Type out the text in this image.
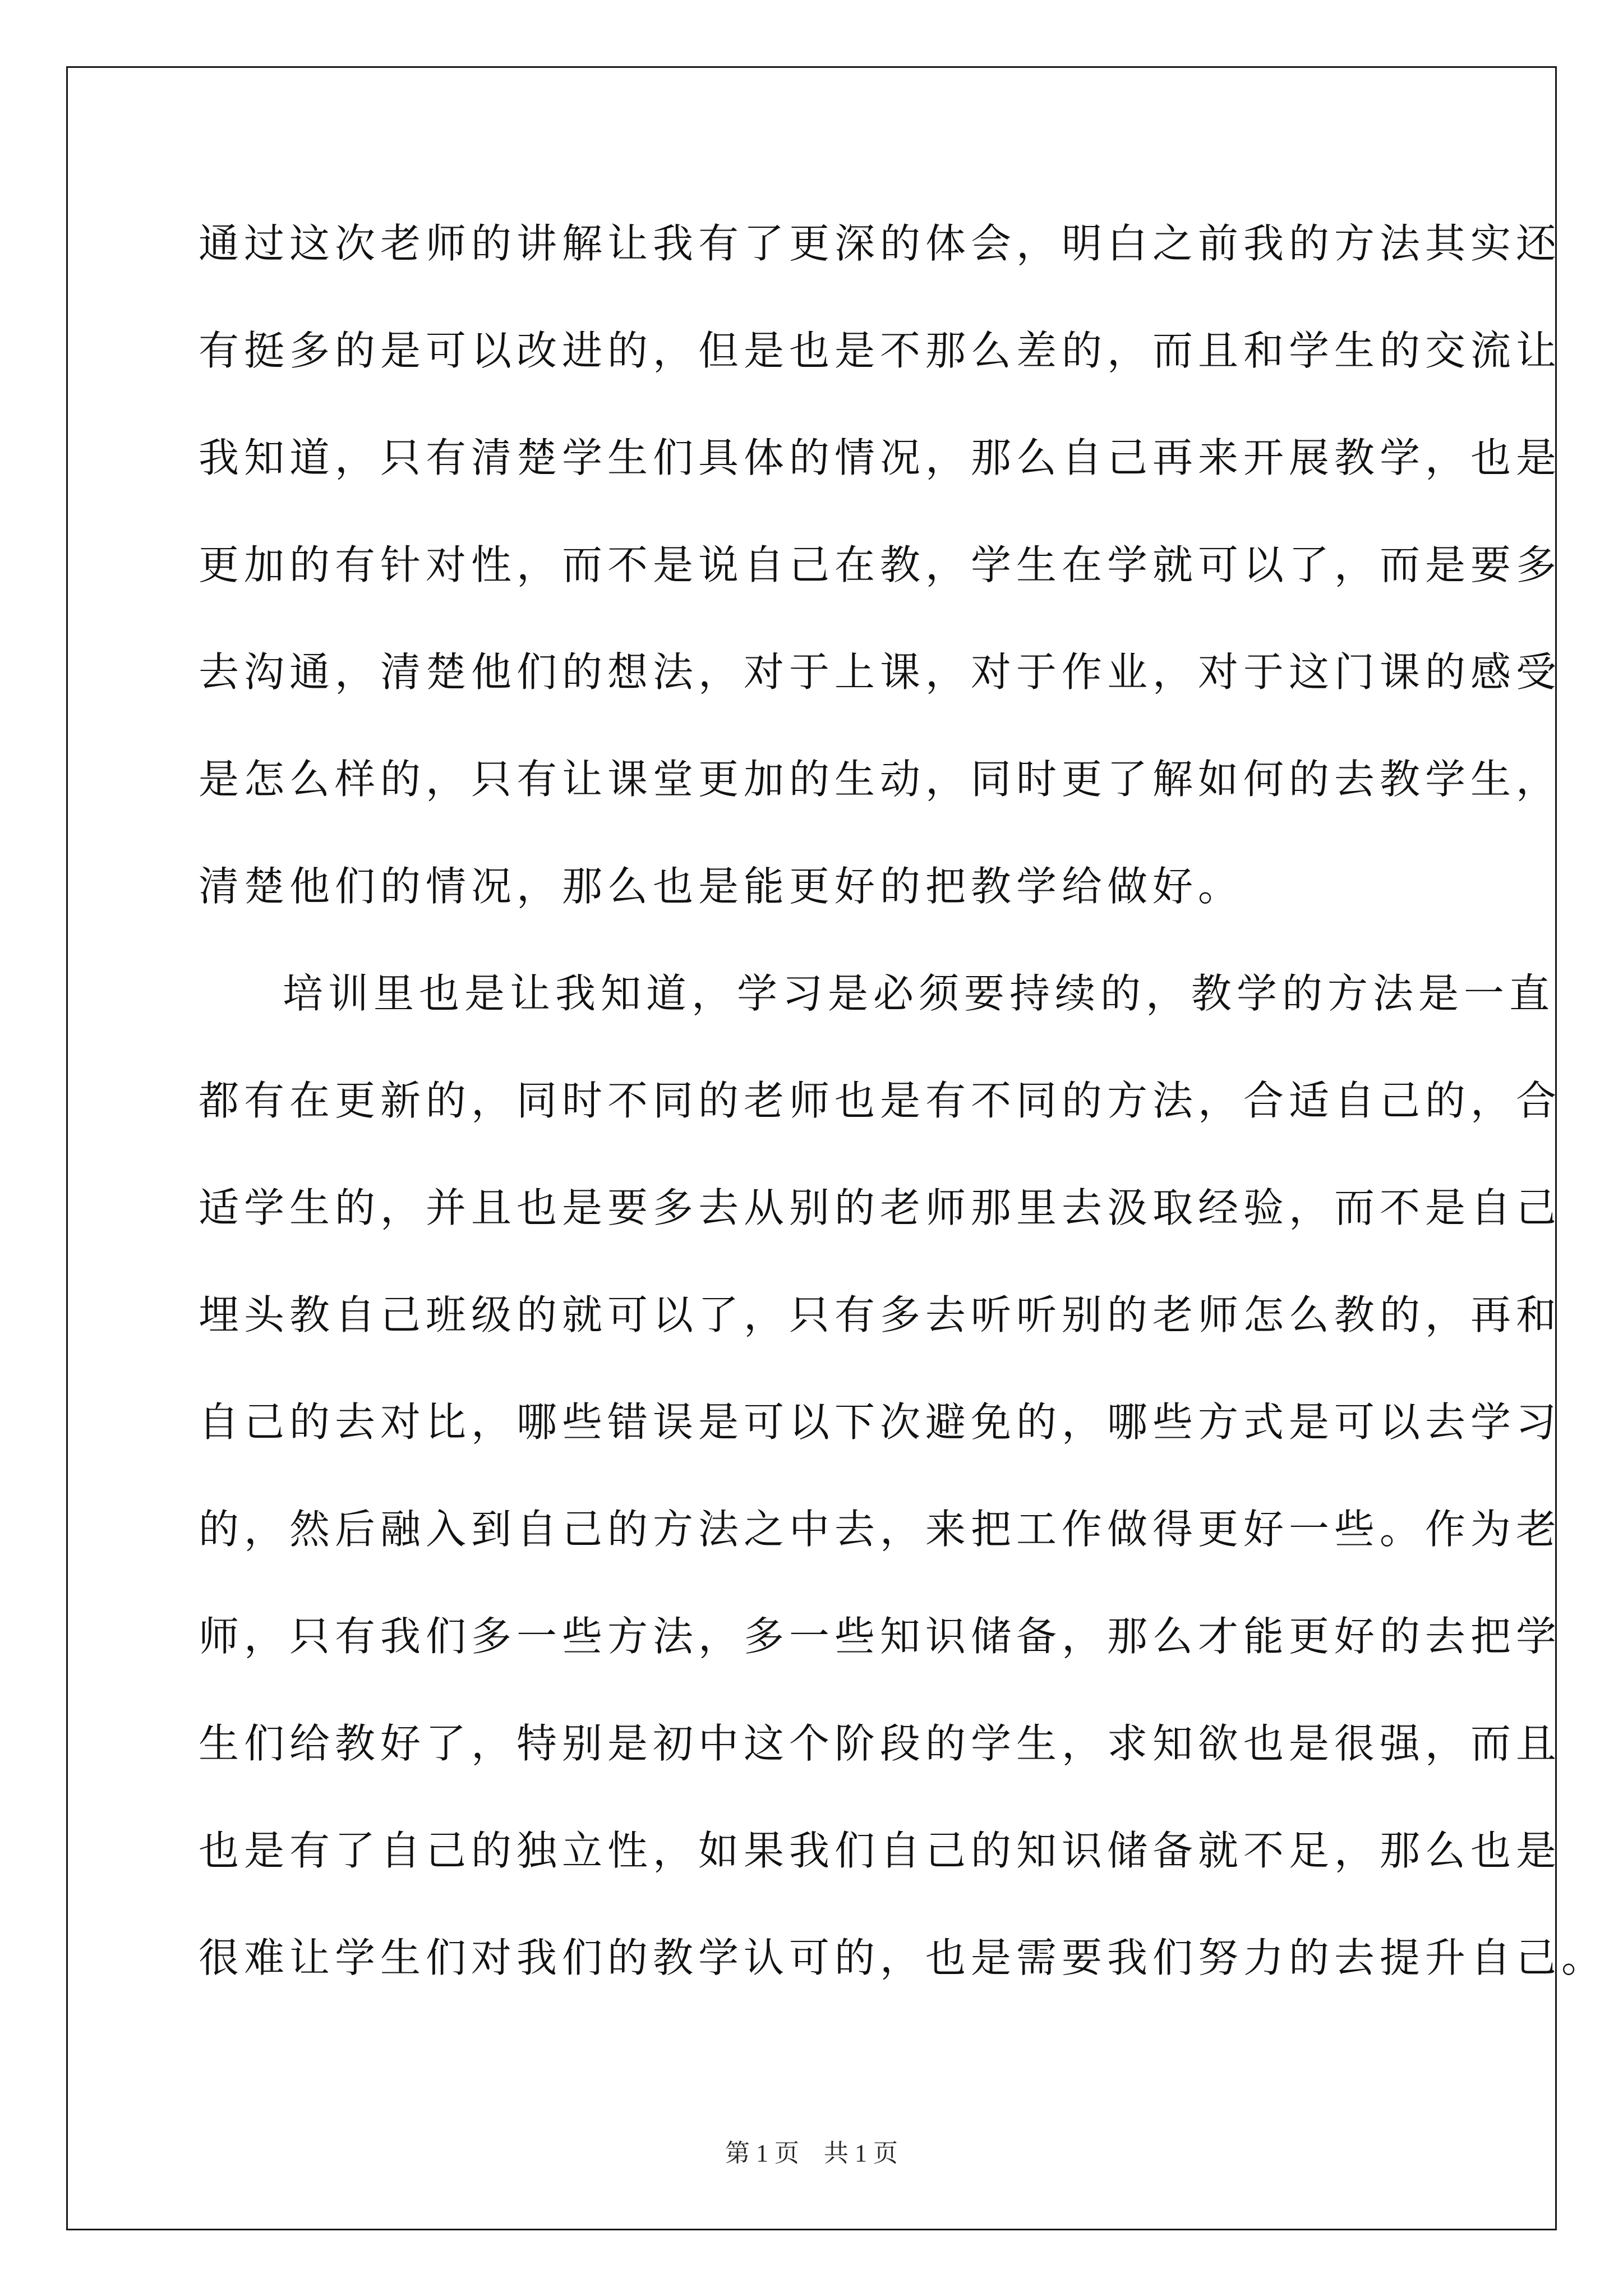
通过这次老师的讲解让我有了更深的体会，明白之前我的方法其实还
有挺多的是可以改进的，但是也是不那么差的，而且和学生的交流让
我知道，只有清楚学生们具体的情况，那么自己再来开展教学，也是
更加的有针对性，而不是说自己在教，学生在学就可以了，而是要多
去沟通，清楚他们的想法，对于上课，对于作业，对于这门课的感受
是怎么样的，只有让课堂更加的生动，同时更了解如何的去教学生，
清楚他们的情况，那么也是能更好的把教学给做好。
培训里也是让我知道，学习是必须要持续的，教学的方法是一直
都有在更新的，同时不同的老师也是有不同的方法，合适自己的，合
适学生的，并且也是要多去从别的老师那里去汲取经验，而不是自己
埋头教自己班级的就可以了，只有多去听听别的老师怎么教的，再和
自己的去对比，哪些错误是可以下次避免的，哪些方式是可以去学习
的，然后融入到自己的方法之中去，来把工作做得更好一些。作为老
师，只有我们多一些方法，多一些知识储备，那么才能更好的去把学
生们给教好了，特别是初中这个阶段的学生，求知欲也是很强，而且
也是有了自己的独立性，如果我们自己的知识储备就不足，那么也是
很难让学生们对我们的教学认可的，也是需要我们努力的去提升自己。
第 1 页 共 1 页
